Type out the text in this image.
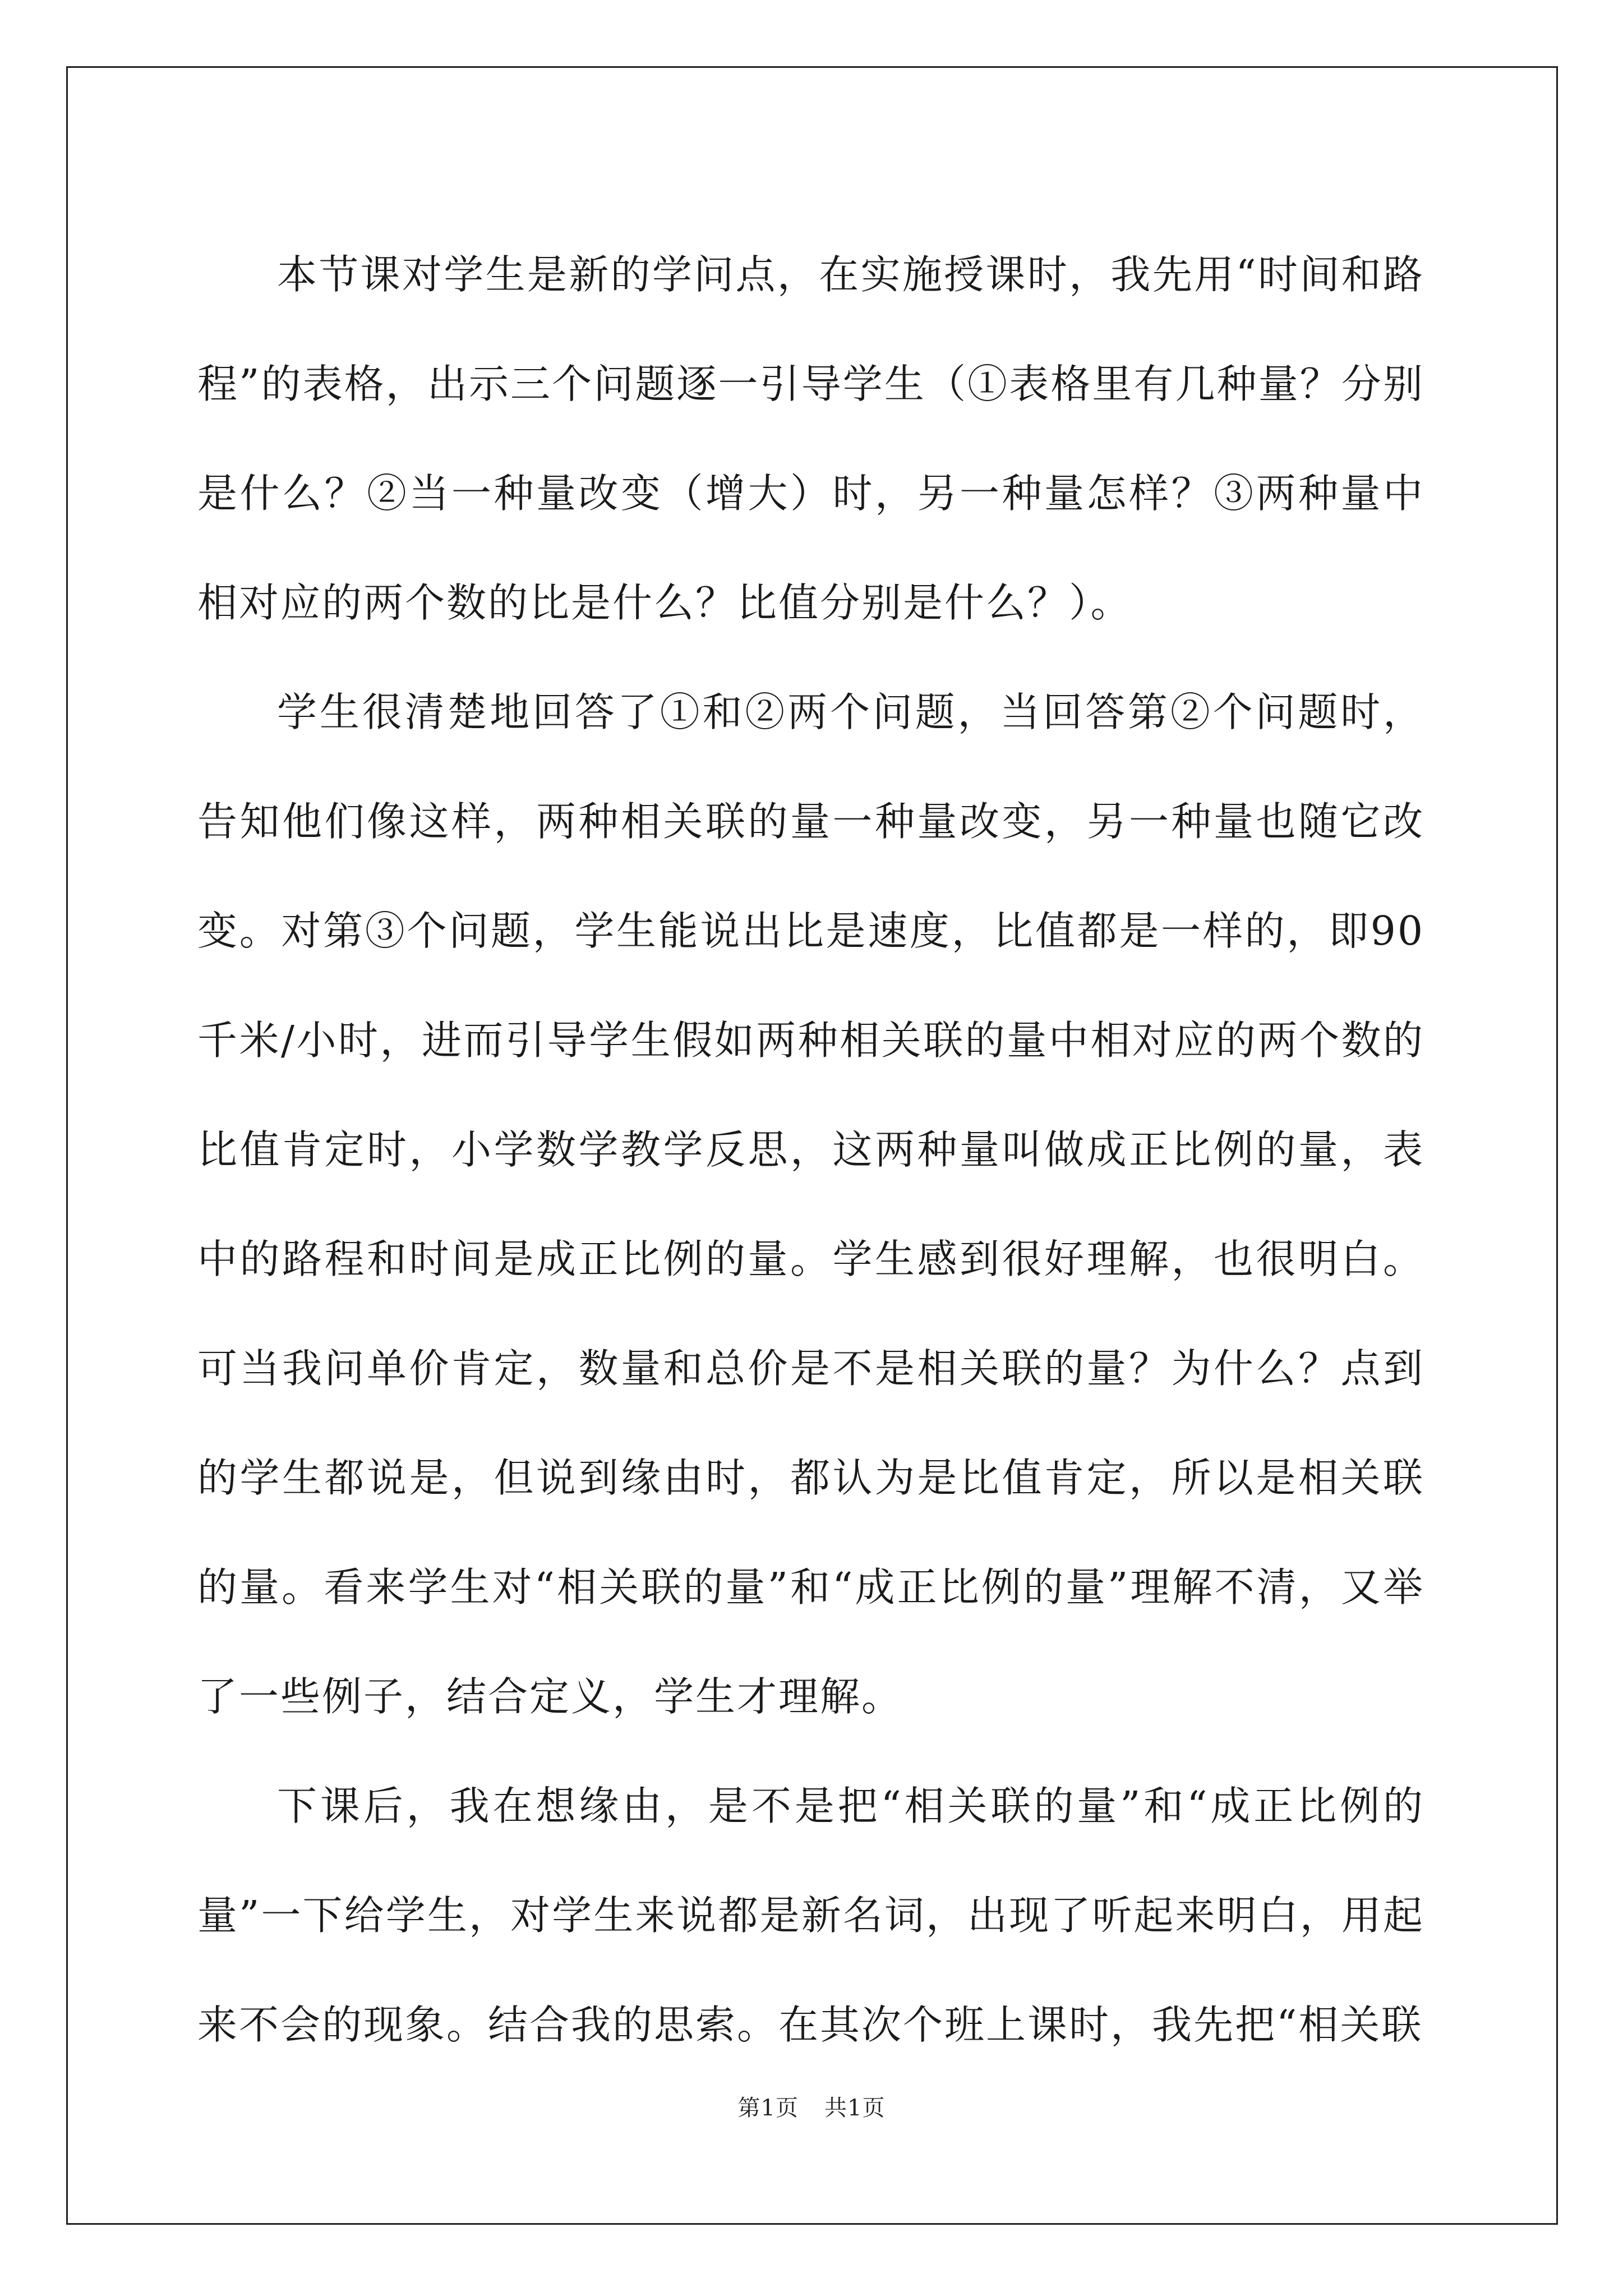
本节课对学生是新的学问点，在实施授课时，我先用“时间和路程”的表格，出示三个问题逐一引导学生（①表格里有几种量？分别是什么？②当一种量改变（增大）时，另一种量怎样？③两种量中相对应的两个数的比是什么？比值分别是什么？）。

学生很清楚地回答了①和②两个问题，当回答第②个问题时，告知他们像这样，两种相关联的量一种量改变，另一种量也随它改变。对第③个问题，学生能说出比是速度，比值都是一样的，即90千米/小时，进而引导学生假如两种相关联的量中相对应的两个数的比值肯定时，小学数学教学反思，这两种量叫做成正比例的量，表中的路程和时间是成正比例的量。学生感到很好理解，也很明白。可当我问单价肯定，数量和总价是不是相关联的量？为什么？点到的学生都说是，但说到缘由时，都认为是比值肯定，所以是相关联的量。看来学生对“相关联的量”和“成正比例的量”理解不清，又举了一些例子，结合定义，学生才理解。

下课后，我在想缘由，是不是把“相关联的量”和“成正比例的量”一下给学生，对学生来说都是新名词，出现了听起来明白，用起来不会的现象。结合我的思索。在其次个班上课时，我先把“相关联

第1页 共1页
